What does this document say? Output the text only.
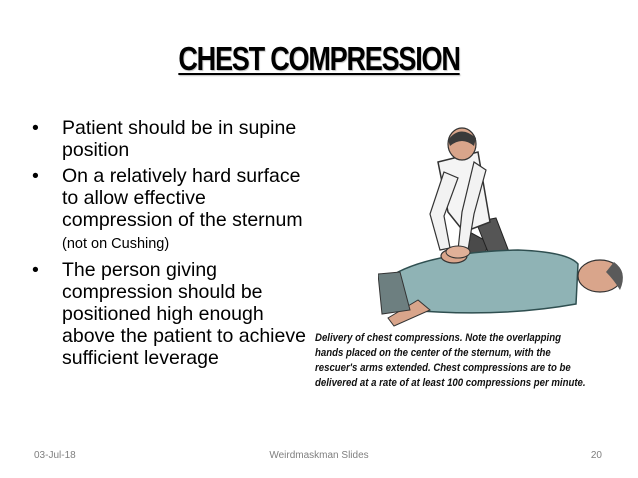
CHEST COMPRESSION
• Patient should be in supine position
• On a relatively hard surface to allow effective compression of the sternum (not on Cushing)
• The person giving compression should be positioned high enough above the patient to achieve sufficient leverage
Delivery of chest compressions. Note the overlapping hands placed on the center of the sternum, with the rescuer's arms extended. Chest compressions are to be delivered at a rate of at least 100 compressions per minute.
03-Jul-18	Weirdmaskman Slides	20
